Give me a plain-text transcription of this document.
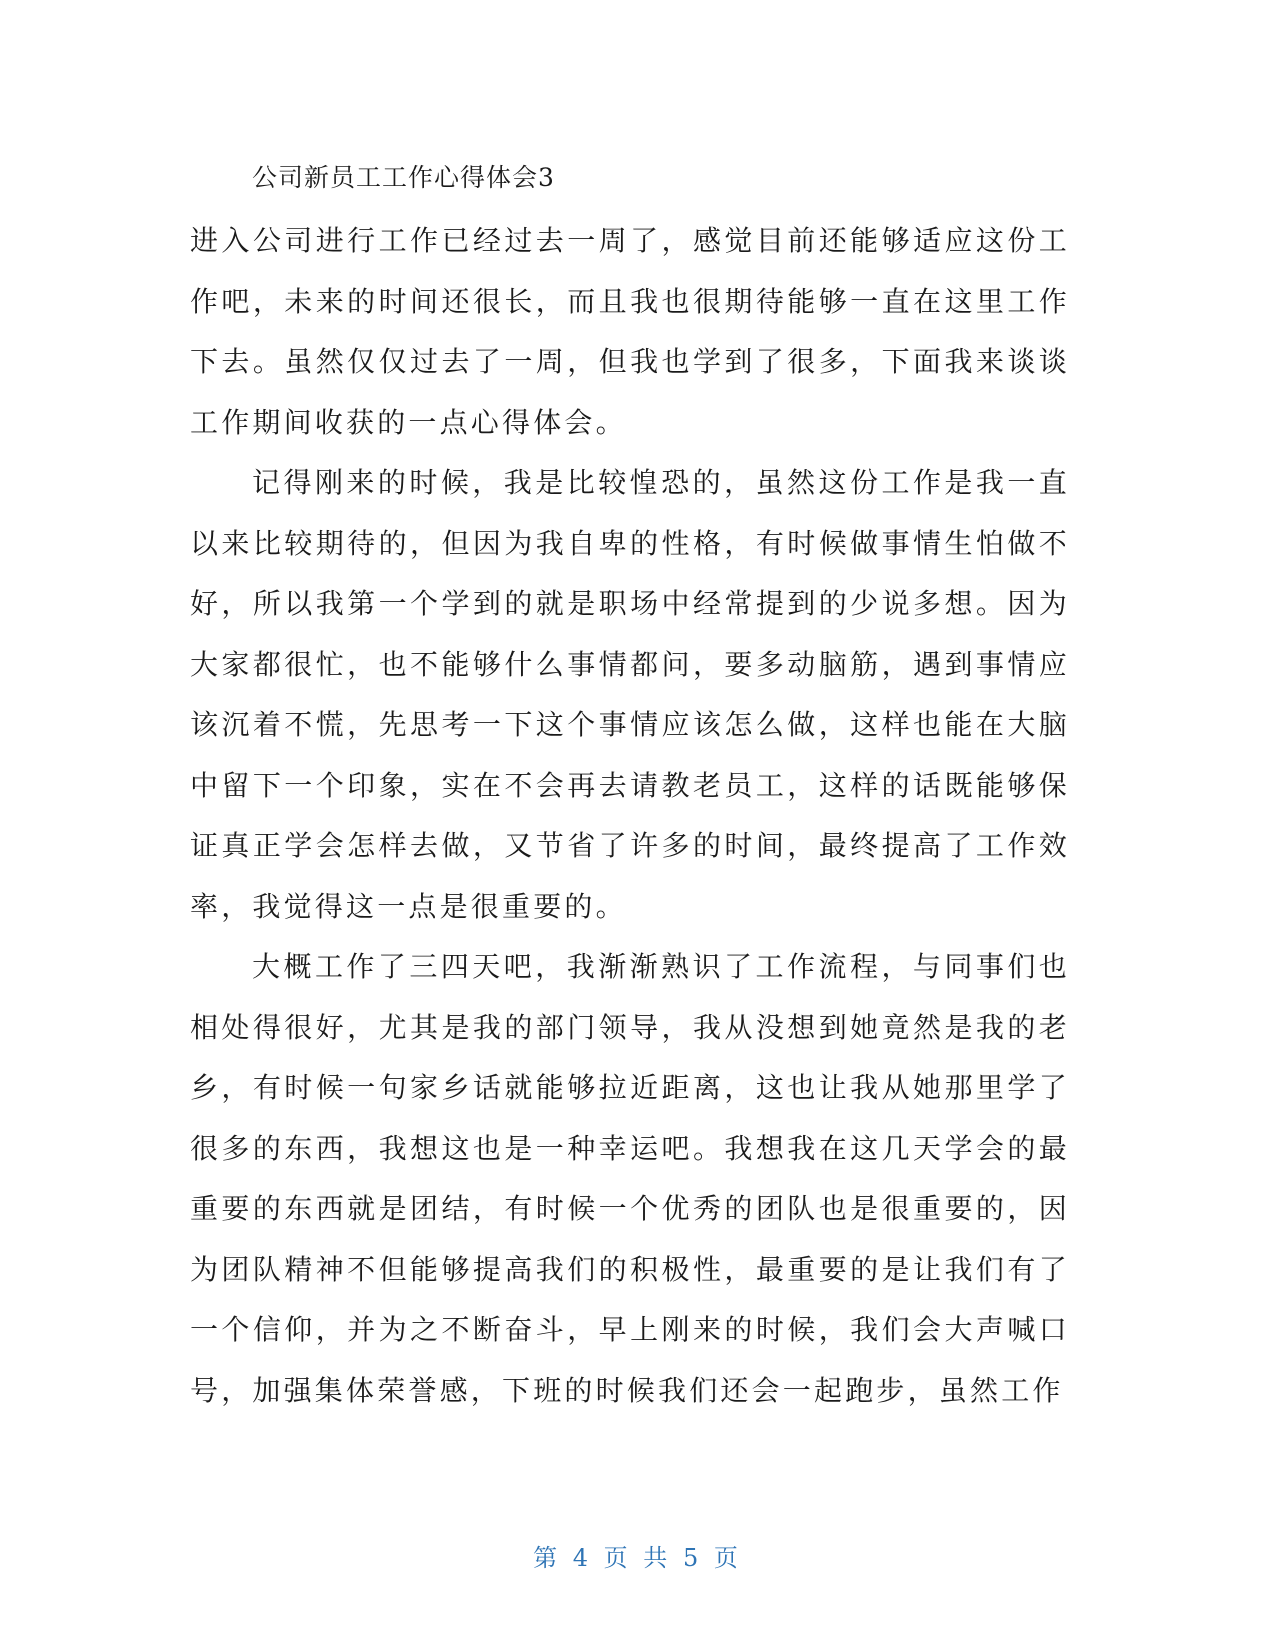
公司新员工工作心得体会3

进入公司进行工作已经过去一周了，感觉目前还能够适应这份工作吧，未来的时间还很长，而且我也很期待能够一直在这里工作下去。虽然仅仅过去了一周，但我也学到了很多，下面我来谈谈工作期间收获的一点心得体会。

记得刚来的时候，我是比较惶恐的，虽然这份工作是我一直以来比较期待的，但因为我自卑的性格，有时候做事情生怕做不好，所以我第一个学到的就是职场中经常提到的少说多想。因为大家都很忙，也不能够什么事情都问，要多动脑筋，遇到事情应该沉着不慌，先思考一下这个事情应该怎么做，这样也能在大脑中留下一个印象，实在不会再去请教老员工，这样的话既能够保证真正学会怎样去做，又节省了许多的时间，最终提高了工作效率，我觉得这一点是很重要的。

大概工作了三四天吧，我渐渐熟识了工作流程，与同事们也相处得很好，尤其是我的部门领导，我从没想到她竟然是我的老乡，有时候一句家乡话就能够拉近距离，这也让我从她那里学了很多的东西，我想这也是一种幸运吧。我想我在这几天学会的最重要的东西就是团结，有时候一个优秀的团队也是很重要的，因为团队精神不但能够提高我们的积极性，最重要的是让我们有了一个信仰，并为之不断奋斗，早上刚来的时候，我们会大声喊口号，加强集体荣誉感，下班的时候我们还会一起跑步，虽然工作

第 4 页 共 5 页
